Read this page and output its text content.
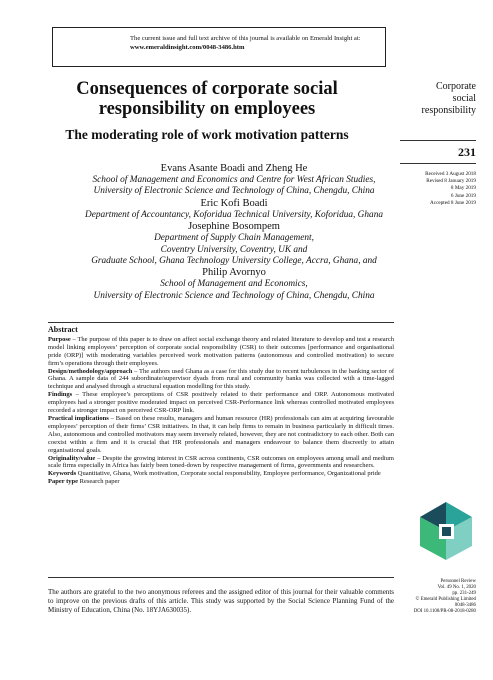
The current issue and full text archive of this journal is available on Emerald Insight at:
www.emeraldinsight.com/0048-3486.htm
Consequences of corporate social responsibility on employees
The moderating role of work motivation patterns
Evans Asante Boadi and Zheng He
School of Management and Economics and Centre for West African Studies,
University of Electronic Science and Technology of China, Chengdu, China
Eric Kofi Boadi
Department of Accountancy, Koforidua Technical University, Koforidua, Ghana
Josephine Bosompem
Department of Supply Chain Management,
Coventry University, Coventry, UK and
Graduate School, Ghana Technology University College, Accra, Ghana, and
Philip Avornyo
School of Management and Economics,
University of Electronic Science and Technology of China, Chengdu, China
Corporate
social
responsibility
231
Received 3 August 2018
Revised 8 January 2019
8 May 2019
6 June 2019
Accepted 8 June 2019
Abstract

Purpose – The purpose of this paper is to draw on affect social exchange theory and related literature to develop and test a research model linking employees’ perception of corporate social responsibility (CSR) to their outcomes [performance and organisational pride (ORP)] with moderating variables perceived work motivation patterns (autonomous and controlled motivation) to secure firm’s operations through their employees.

Design/methodology/approach – The authors used Ghana as a case for this study due to recent turbulences in the banking sector of Ghana. A sample data of 244 subordinate/supervisor dyads from rural and community banks was collected with a time-lagged technique and analysed through a structural equation modelling for this study.

Findings – These employee’s perceptions of CSR positively related to their performance and ORP. Autonomous motivated employees had a stronger positive moderated impact on perceived CSR-Performance link whereas controlled motivated employees recorded a stronger impact on perceived CSR-ORP link.

Practical implications – Based on these results, managers and human resource (HR) professionals can aim at acquiring favourable employees’ perception of their firms’ CSR initiatives. In that, it can help firms to remain in business particularly in difficult times. Also, autonomous and controlled motivators may seem inversely related, however, they are not contradictory to each other. Both can coexist within a firm and it is crucial that HR professionals and managers endeavour to balance them discreetly to attain organisational goals.

Originality/value – Despite the growing interest in CSR across continents, CSR outcomes on employees among small and medium scale firms especially in Africa has fairly been toned-down by respective management of firms, governments and researchers.

Keywords Quantitative, Ghana, Work motivation, Corporate social responsibility, Employee performance, Organizational pride

Paper type Research paper

The authors are grateful to the two anonymous referees and the assigned editor of this journal for their valuable comments to improve on the previous drafts of this article. This study was supported by the Social Science Planning Fund of the Ministry of Education, China (No. 18YJA630035).
Personnel Review
Vol. 49 No. 1, 2020
pp. 231-249
© Emerald Publishing Limited
0048-3486
DOI 10.1108/PR-08-2018-0280
